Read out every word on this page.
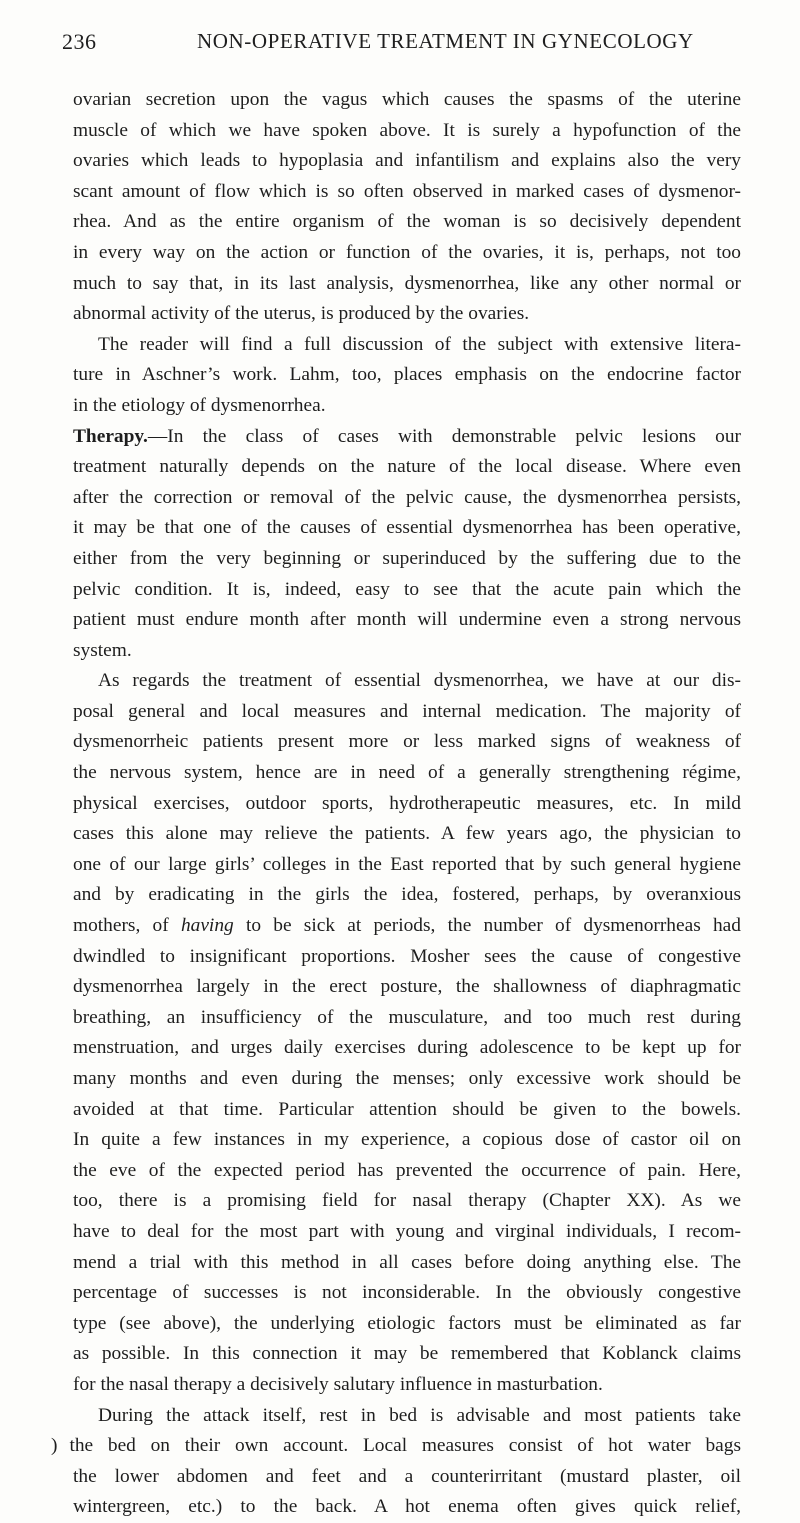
236	NON-OPERATIVE TREATMENT IN GYNECOLOGY
ovarian secretion upon the vagus which causes the spasms of the uterine
muscle of which we have spoken above. It is surely a hypofunction of the
ovaries which leads to hypoplasia and infantilism and explains also the very
scant amount of flow which is so often observed in marked cases of dysmenor-
rhea. And as the entire organism of the woman is so decisively dependent
in every way on the action or function of the ovaries, it is, perhaps, not too
much to say that, in its last analysis, dysmenorrhea, like any other normal or
abnormal activity of the uterus, is produced by the ovaries.
The reader will find a full discussion of the subject with extensive litera-
ture in Aschner’s work. Lahm, too, places emphasis on the endocrine factor
in the etiology of dysmenorrhea.
Therapy.—In the class of cases with demonstrable pelvic lesions our
treatment naturally depends on the nature of the local disease. Where even
after the correction or removal of the pelvic cause, the dysmenorrhea persists,
it may be that one of the causes of essential dysmenorrhea has been operative,
either from the very beginning or superinduced by the suffering due to the
pelvic condition. It is, indeed, easy to see that the acute pain which the
patient must endure month after month will undermine even a strong nervous
system.
As regards the treatment of essential dysmenorrhea, we have at our dis-
posal general and local measures and internal medication. The majority of
dysmenorrheic patients present more or less marked signs of weakness of
the nervous system, hence are in need of a generally strengthening régime,
physical exercises, outdoor sports, hydrotherapeutic measures, etc. In mild
cases this alone may relieve the patients. A few years ago, the physician to
one of our large girls’ colleges in the East reported that by such general hygiene
and by eradicating in the girls the idea, fostered, perhaps, by overanxious
mothers, of having to be sick at periods, the number of dysmenorrheas had
dwindled to insignificant proportions. Mosher sees the cause of congestive
dysmenorrhea largely in the erect posture, the shallowness of diaphragmatic
breathing, an insufficiency of the musculature, and too much rest during
menstruation, and urges daily exercises during adolescence to be kept up for
many months and even during the menses; only excessive work should be
avoided at that time. Particular attention should be given to the bowels.
In quite a few instances in my experience, a copious dose of castor oil on
the eve of the expected period has prevented the occurrence of pain. Here,
too, there is a promising field for nasal therapy (Chapter XX). As we
have to deal for the most part with young and virginal individuals, I recom-
mend a trial with this method in all cases before doing anything else. The
percentage of successes is not inconsiderable. In the obviously congestive
type (see above), the underlying etiologic factors must be eliminated as far
as possible. In this connection it may be remembered that Koblanck claims
for the nasal therapy a decisively salutary influence in masturbation.
During the attack itself, rest in bed is advisable and most patients take
) the bed on their own account. Local measures consist of hot water bags
the lower abdomen and feet and a counterirritant (mustard plaster, oil
wintergreen, etc.) to the back. A hot enema often gives quick relief,
